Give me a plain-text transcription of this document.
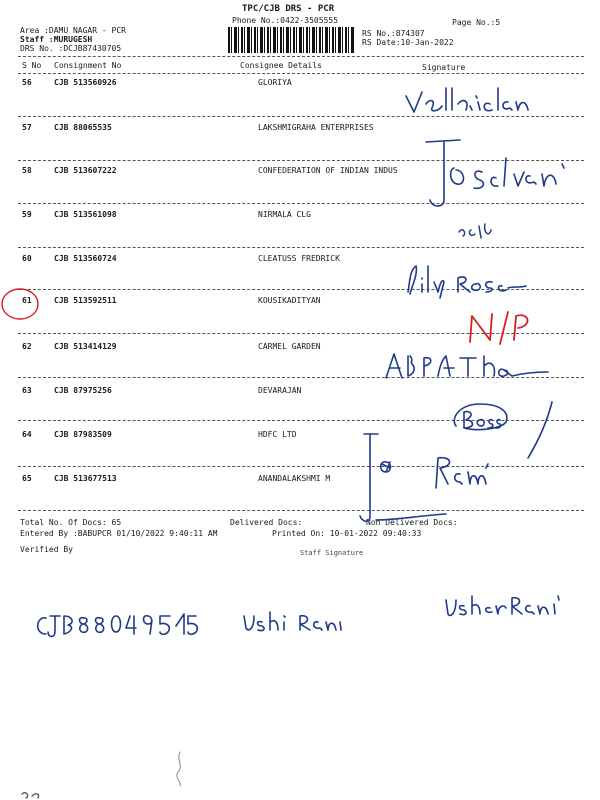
TPC/CJB DRS - PCR
Phone No.:0422-3505555	Page No.:5
Area :DAMU NAGAR - PCR
Staff :MURUGESH
DRS No. :DCJB87430705
RS No.:874307
RS Date:10-Jan-2022
S No Consignment No	Consignee Details	Signature
56	CJB 513560926	GLORIYA
57	CJB 88065535	LAKSHMIGRAHA ENTERPRISES
58	CJB 513607222	CONFEDERATION OF INDIAN INDUS
59	CJB 513561098	NIRMALA CLG
60	CJB 513560724	CLEATUSS FREDRICK
61	CJB 513592511	KOUSIKADITYAN
62	CJB 513414129	CARMEL GARDEN
63	CJB 87975256	DEVARAJAN
64	CJB 87983509	HDFC LTD
65	CJB 513677513	ANANDALAKSHMI M
Total No. Of Docs: 65	Delivered Docs:	Non Delivered Docs:
Entered By :BABUPCR 01/10/2022 9:40:11 AM	Printed On: 10-01-2022 09:40:33
Verified By	Staff Signature
